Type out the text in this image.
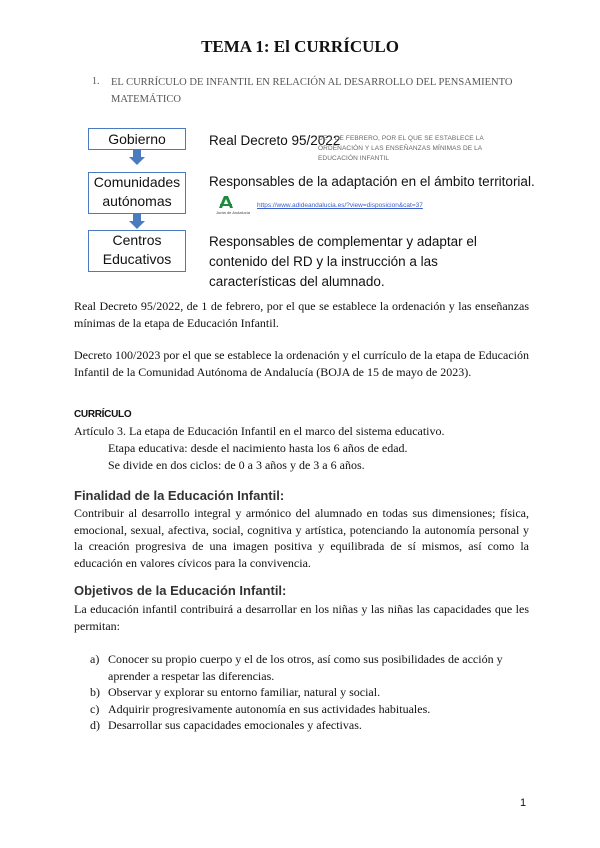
TEMA 1: El CURRÍCULO
1. EL CURRÍCULO DE INFANTIL EN RELACIÓN AL DESARROLLO DEL PENSAMIENTO MATEMÁTICO
Gobierno
Comunidades autónomas
Centros Educativos
Real Decreto 95/2022
DE 1 DE FEBRERO, POR EL QUE SE ESTABLECE LA ORDENACIÓN Y LAS ENSEÑANZAS MÍNIMAS DE LA EDUCACIÓN INFANTIL
Responsables de la adaptación en el ámbito territorial.
Junta de Andalucía
https://www.adideandalucia.es/?view=disposicion&cat=37
Responsables de complementar y adaptar el contenido del RD y la instrucción a las características del alumnado.
Real Decreto 95/2022, de 1 de febrero, por el que se establece la ordenación y las enseñanzas mínimas de la etapa de Educación Infantil.
Decreto 100/2023 por el que se establece la ordenación y el currículo de la etapa de Educación Infantil de la Comunidad Autónoma de Andalucía (BOJA de 15 de mayo de 2023).
CURRÍCULO
Artículo 3. La etapa de Educación Infantil en el marco del sistema educativo.
Etapa educativa: desde el nacimiento hasta los 6 años de edad.
Se divide en dos ciclos: de 0 a 3 años y de 3 a 6 años.
Finalidad de la Educación Infantil:
Contribuir al desarrollo integral y armónico del alumnado en todas sus dimensiones; física, emocional, sexual, afectiva, social, cognitiva y artística, potenciando la autonomía personal y la creación progresiva de una imagen positiva y equilibrada de sí mismos, así como la educación en valores cívicos para la convivencia.
Objetivos de la Educación Infantil:
La educación infantil contribuirá a desarrollar en los niñas y las niñas las capacidades que les permitan:
a) Conocer su propio cuerpo y el de los otros, así como sus posibilidades de acción y aprender a respetar las diferencias.
b) Observar y explorar su entorno familiar, natural y social.
c) Adquirir progresivamente autonomía en sus actividades habituales.
d) Desarrollar sus capacidades emocionales y afectivas.
1
